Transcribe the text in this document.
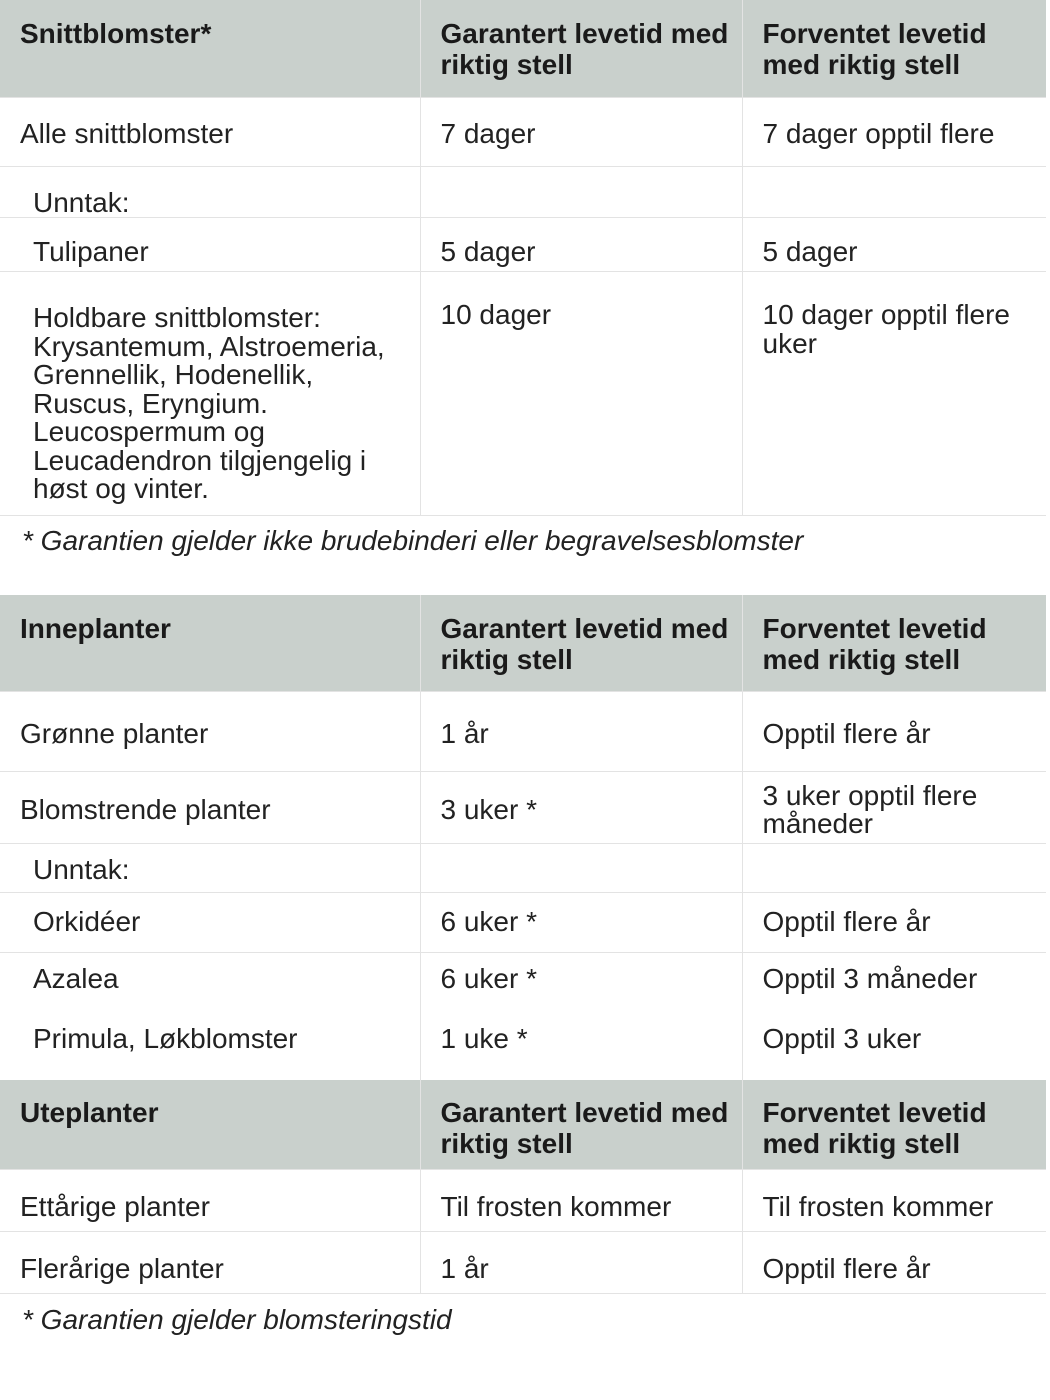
Snittblomster*	Garantert levetid med riktig stell	Forventet levetid med riktig stell

Alle snittblomster	7 dager	7 dager opptil flere

Unntak:		

Tulipaner	5 dager	5 dager

Holdbare snittblomster: Krysantemum, Alstroemeria, Grennellik, Hodenellik, Ruscus, Eryngium. Leucospermum og Leucadendron tilgjengelig i høst og vinter.	10 dager	10 dager opptil flere uker
* Garantien gjelder ikke brudebinderi eller begravelsesblomster
Inneplanter	Garantert levetid med riktig stell	Forventet levetid med riktig stell

Grønne planter	1 år	Opptil flere år

Blomstrende planter	3 uker *	3 uker opptil flere måneder

Unntak:		

Orkidéer	6 uker *	Opptil flere år

Azalea	6 uker *	Opptil 3 måneder

Primula, Løkblomster	1 uke *	Opptil 3 uker
Uteplanter	Garantert levetid med riktig stell	Forventet levetid med riktig stell

Ettårige planter	Til frosten kommer	Til frosten kommer

Flerårige planter	1 år	Opptil flere år
* Garantien gjelder blomsteringstid
